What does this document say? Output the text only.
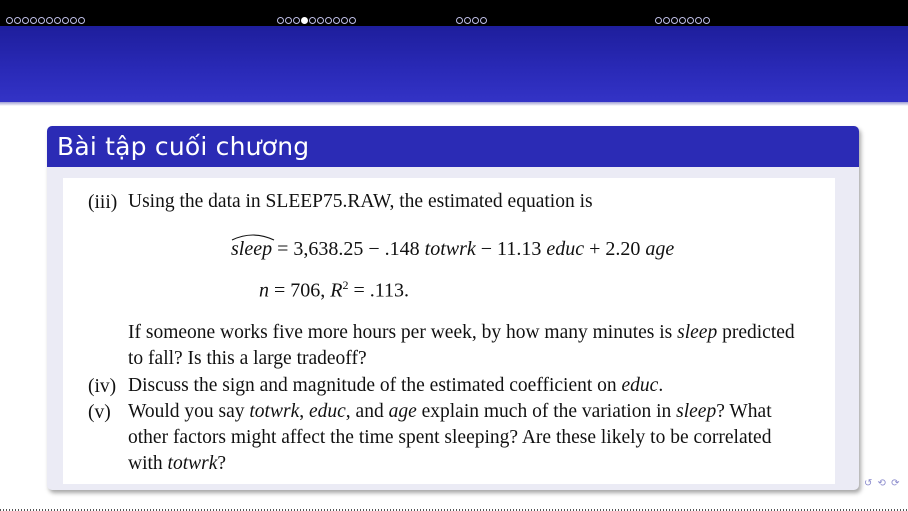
Bài tập cuối chương
(iii) Using the data in SLEEP75.RAW, the estimated equation is
sleep = 3,638.25 − .148 totwrk − 11.13 educ + 2.20 age
n = 706, $R^2 = .113$.
If someone works five more hours per week, by how many minutes is sleep predicted
to fall? Is this a large tradeoff?
(iv) Discuss the sign and magnitude of the estimated coefficient on educ.
(v) Would you say totwrk, educ, and age explain much of the variation in sleep? What
other factors might affect the time spent sleeping? Are these likely to be correlated
with totwrk?
↺ ⟲ ⟳
